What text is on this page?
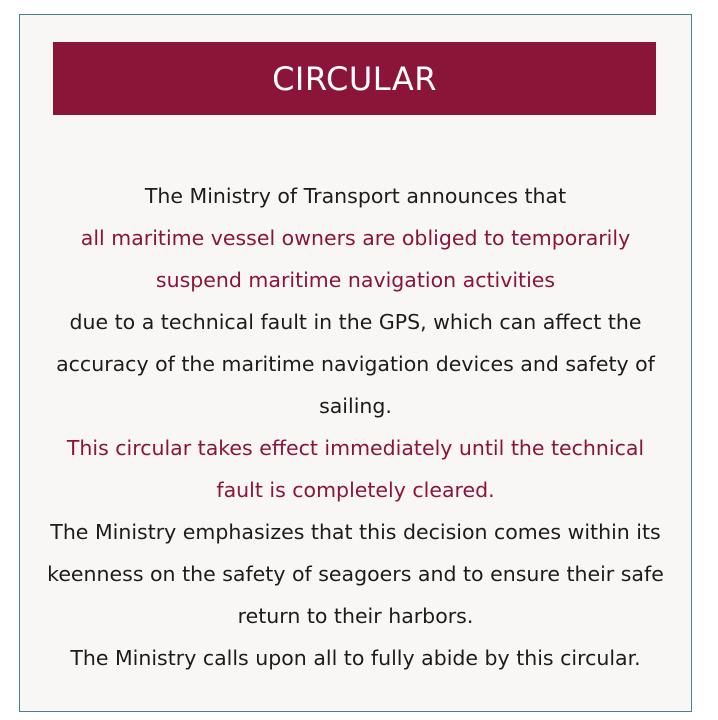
CIRCULAR

The Ministry of Transport announces that

all maritime vessel owners are obliged to temporarily suspend maritime navigation activities

due to a technical fault in the GPS, which can affect the accuracy of the maritime navigation devices and safety of sailing.

This circular takes effect immediately until the technical fault is completely cleared.

The Ministry emphasizes that this decision comes within its keenness on the safety of seagoers and to ensure their safe return to their harbors.

The Ministry calls upon all to fully abide by this circular.
